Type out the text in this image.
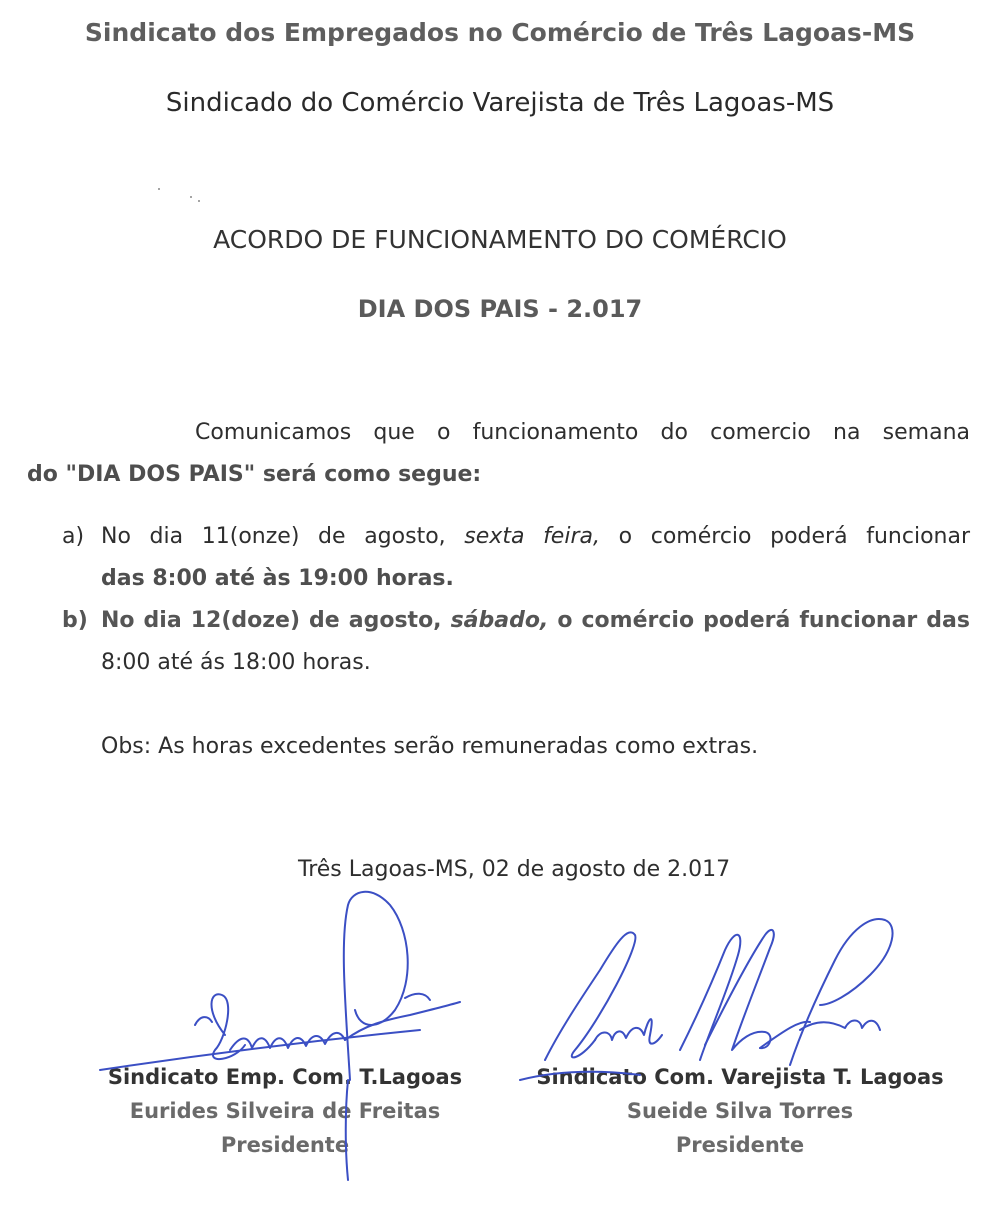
Sindicato dos Empregados no Comércio de Três Lagoas-MS
Sindicado do Comércio Varejista de Três Lagoas-MS
ACORDO DE FUNCIONAMENTO DO COMÉRCIO
DIA DOS PAIS - 2.017
Comunicamos que o funcionamento do comercio na semana
do "DIA DOS PAIS" será como segue:
a) No dia 11(onze) de agosto, sexta feira, o comércio poderá funcionar
das 8:00 até às 19:00 horas.
b) No dia 12(doze) de agosto, sábado, o comércio poderá funcionar das
8:00 até ás 18:00 horas.
Obs: As horas excedentes serão remuneradas como extras.
Três Lagoas-MS, 02 de agosto de 2.017
Sindicato Emp. Com. T.Lagoas
Eurides Silveira de Freitas
Presidente
Sindicato Com. Varejista T. Lagoas
Sueide Silva Torres
Presidente
